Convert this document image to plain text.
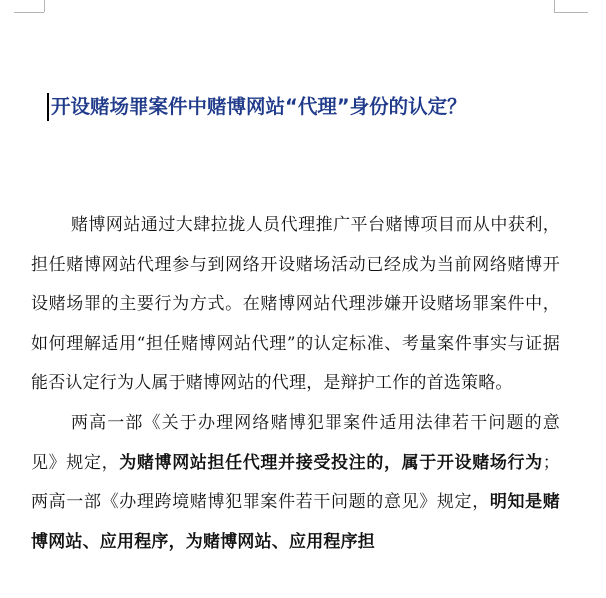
开设赌场罪案件中赌博网站“代理”身份的认定？

赌博网站通过大肆拉拢人员代理推广平台赌博项目而从中获利，担任赌博网站代理参与到网络开设赌场活动已经成为当前网络赌博开设赌场罪的主要行为方式。在赌博网站代理涉嫌开设赌场罪案件中，如何理解适用“担任赌博网站代理”的认定标准、考量案件事实与证据能否认定行为人属于赌博网站的代理，是辩护工作的首选策略。

两高一部《关于办理网络赌博犯罪案件适用法律若干问题的意见》规定，为赌博网站担任代理并接受投注的，属于开设赌场行为；两高一部《办理跨境赌博犯罪案件若干问题的意见》规定，明知是赌博网站、应用程序，为赌博网站、应用程序担
